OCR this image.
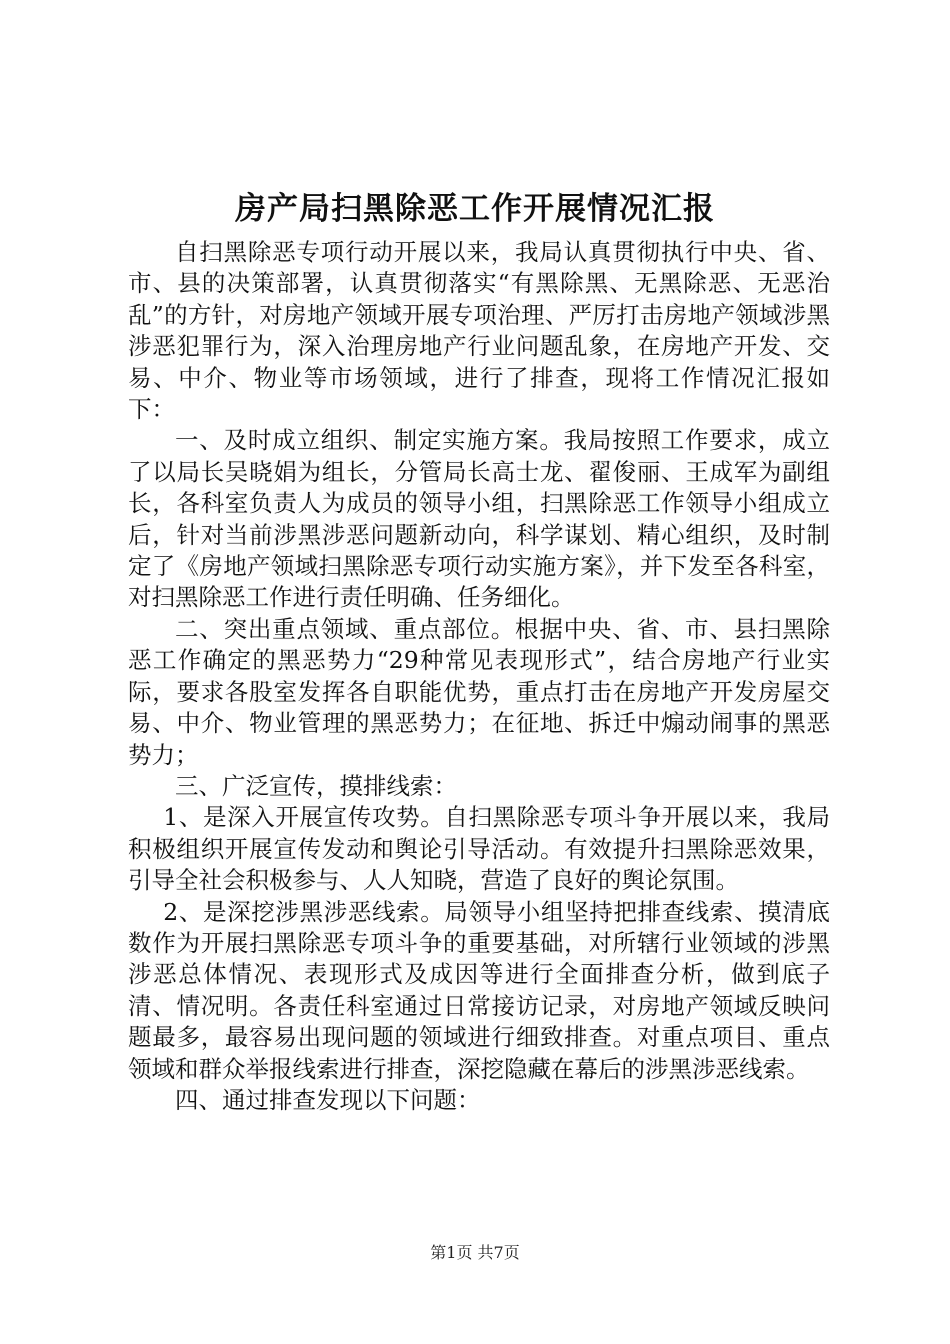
房产局扫黑除恶工作开展情况汇报

自扫黑除恶专项行动开展以来，我局认真贯彻执行中央、省、市、县的决策部署，认真贯彻落实“有黑除黑、无黑除恶、无恶治乱”的方针，对房地产领域开展专项治理、严厉打击房地产领域涉黑涉恶犯罪行为，深入治理房地产行业问题乱象，在房地产开发、交易、中介、物业等市场领域，进行了排查，现将工作情况汇报如下：

一、及时成立组织、制定实施方案。我局按照工作要求，成立了以局长吴晓娟为组长，分管局长高士龙、翟俊丽、王成军为副组长，各科室负责人为成员的领导小组，扫黑除恶工作领导小组成立后，针对当前涉黑涉恶问题新动向，科学谋划、精心组织，及时制定了《房地产领域扫黑除恶专项行动实施方案》，并下发至各科室，对扫黑除恶工作进行责任明确、任务细化。

二、突出重点领域、重点部位。根据中央、省、市、县扫黑除恶工作确定的黑恶势力“29种常见表现形式”，结合房地产行业实际，要求各股室发挥各自职能优势，重点打击在房地产开发房屋交易、中介、物业管理的黑恶势力；在征地、拆迁中煽动闹事的黑恶势力；

三、广泛宣传，摸排线索：

1、是深入开展宣传攻势。自扫黑除恶专项斗争开展以来，我局积极组织开展宣传发动和舆论引导活动。有效提升扫黑除恶效果，引导全社会积极参与、人人知晓，营造了良好的舆论氛围。

2、是深挖涉黑涉恶线索。局领导小组坚持把排查线索、摸清底数作为开展扫黑除恶专项斗争的重要基础，对所辖行业领域的涉黑涉恶总体情况、表现形式及成因等进行全面排查分析，做到底子清、情况明。各责任科室通过日常接访记录，对房地产领域反映问题最多，最容易出现问题的领域进行细致排查。对重点项目、重点领域和群众举报线索进行排查，深挖隐藏在幕后的涉黑涉恶线索。

四、通过排查发现以下问题：

第1页 共7页
